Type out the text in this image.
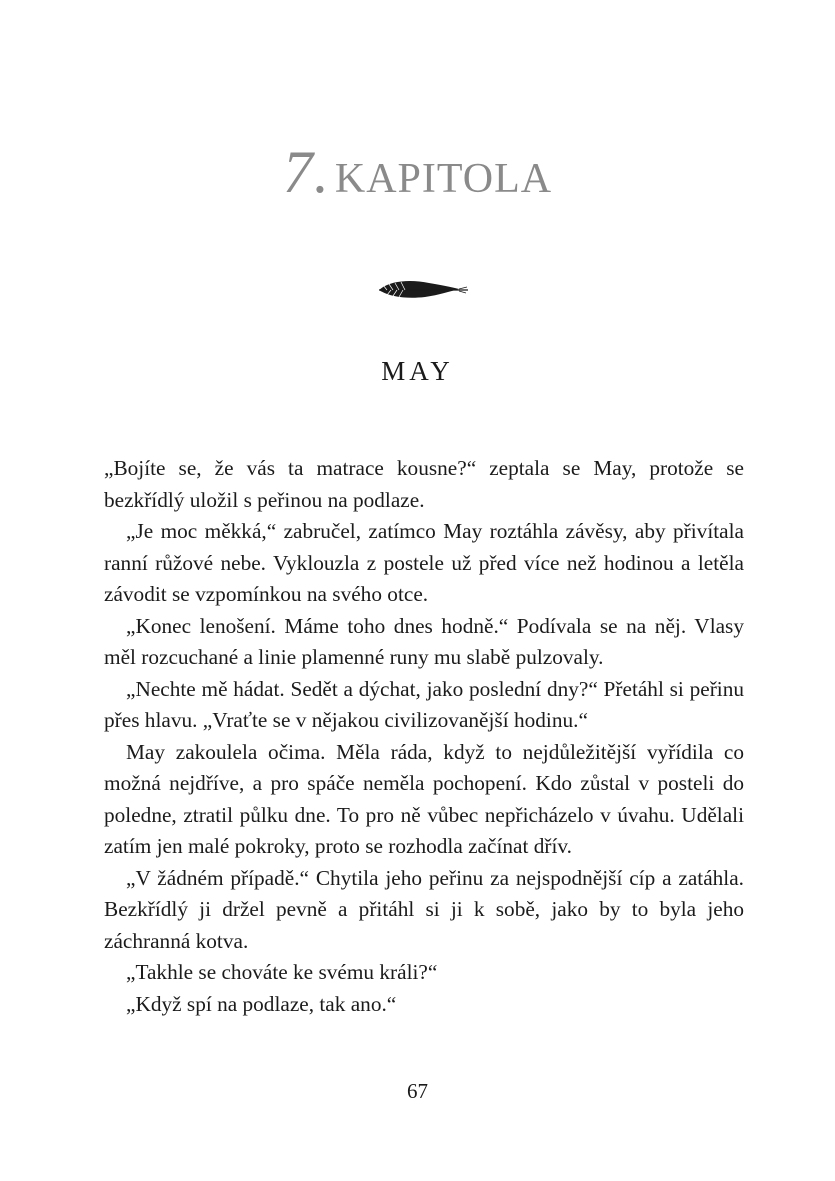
7. KAPITOLA
MAY

„Bojíte se, že vás ta matrace kousne?“ zeptala se May, protože se bezkřídlý uložil s peřinou na podlaze.

„Je moc měkká,“ zabručel, zatímco May roztáhla závěsy, aby přivítala ranní růžové nebe. Vyklouzla z postele už před více než hodinou a letěla závodit se vzpomínkou na svého otce.

„Konec lenošení. Máme toho dnes hodně.“ Podívala se na něj. Vlasy měl rozcuchané a linie plamenné runy mu slabě pulzovaly.

„Nechte mě hádat. Sedět a dýchat, jako poslední dny?“ Přetáhl si peřinu přes hlavu. „Vraťte se v nějakou civilizovanější hodinu.“

May zakoulela očima. Měla ráda, když to nejdůležitější vyřídila co možná nejdříve, a pro spáče neměla pochopení. Kdo zůstal v posteli do poledne, ztratil půlku dne. To pro ně vůbec nepřicházelo v úvahu. Udělali zatím jen malé pokroky, proto se rozhodla začínat dřív.

„V žádném případě.“ Chytila jeho peřinu za nejspodnější cíp a zatáhla. Bezkřídlý ji držel pevně a přitáhl si ji k sobě, jako by to byla jeho záchranná kotva.

„Takhle se chováte ke svému králi?“

„Když spí na podlaze, tak ano.“

67
